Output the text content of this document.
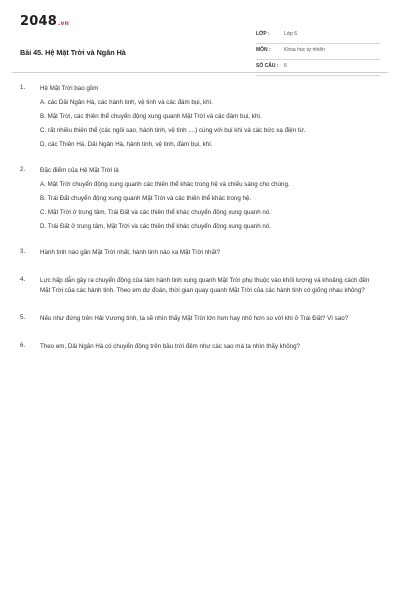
2048.vn
Bài 45. Hệ Mặt Trời và Ngân Hà
LỚP :	Lớp 6
MÔN :	Khoa học tự nhiên
SỐ CÂU : 6
1. Hệ Mặt Trời bao gồm
A. các Dải Ngân Hà, các hành tinh, vệ tinh và các đám bụi, khí.
B. Mặt Trời, các thiên thể chuyển động xung quanh Mặt Trời và các đám bụi, khí.
C. rất nhiều thiên thể (các ngôi sao, hành tinh, vệ tinh ....) cùng với bụi khí và các bức xạ điện từ.
D. các Thiên Hà, Dải Ngân Hà, hành tinh, vệ tinh, đám bụi, khí.
2. Đặc điểm của Hệ Mặt Trời là
A. Mặt Trời chuyển động xung quanh các thiên thể khác trong hệ và chiếu sáng cho chúng.
B. Trái Đất chuyển động xung quanh Mặt Trời và các thiên thể khác trong hệ.
C. Mặt Trời ở trung tâm, Trái Đất và các thiên thể khác chuyển động xung quanh nó.
D. Trái Đất ở trung tâm, Mặt Trời và các thiên thể khác chuyển động xung quanh nó.
3. Hành tinh nào gần Mặt Trời nhất, hành tinh nào xa Mặt Trời nhất?
4. Lực hấp dẫn gây ra chuyển động của tám hành tinh xung quanh Mặt Trời phụ thuộc vào khối lượng và khoảng cách đến Mặt Trời của các hành tinh. Theo em dự đoán, thời gian quay quanh Mặt Trời của các hành tinh có giống nhau không?
5. Nếu như đứng trên Hải Vương tinh, ta sẽ nhìn thấy Mặt Trời lớn hơn hay nhỏ hơn so với khi ở Trái Đất? Vì sao?
6. Theo em, Dải Ngân Hà có chuyển động trên bầu trời đêm như các sao mà ta nhìn thấy không?
